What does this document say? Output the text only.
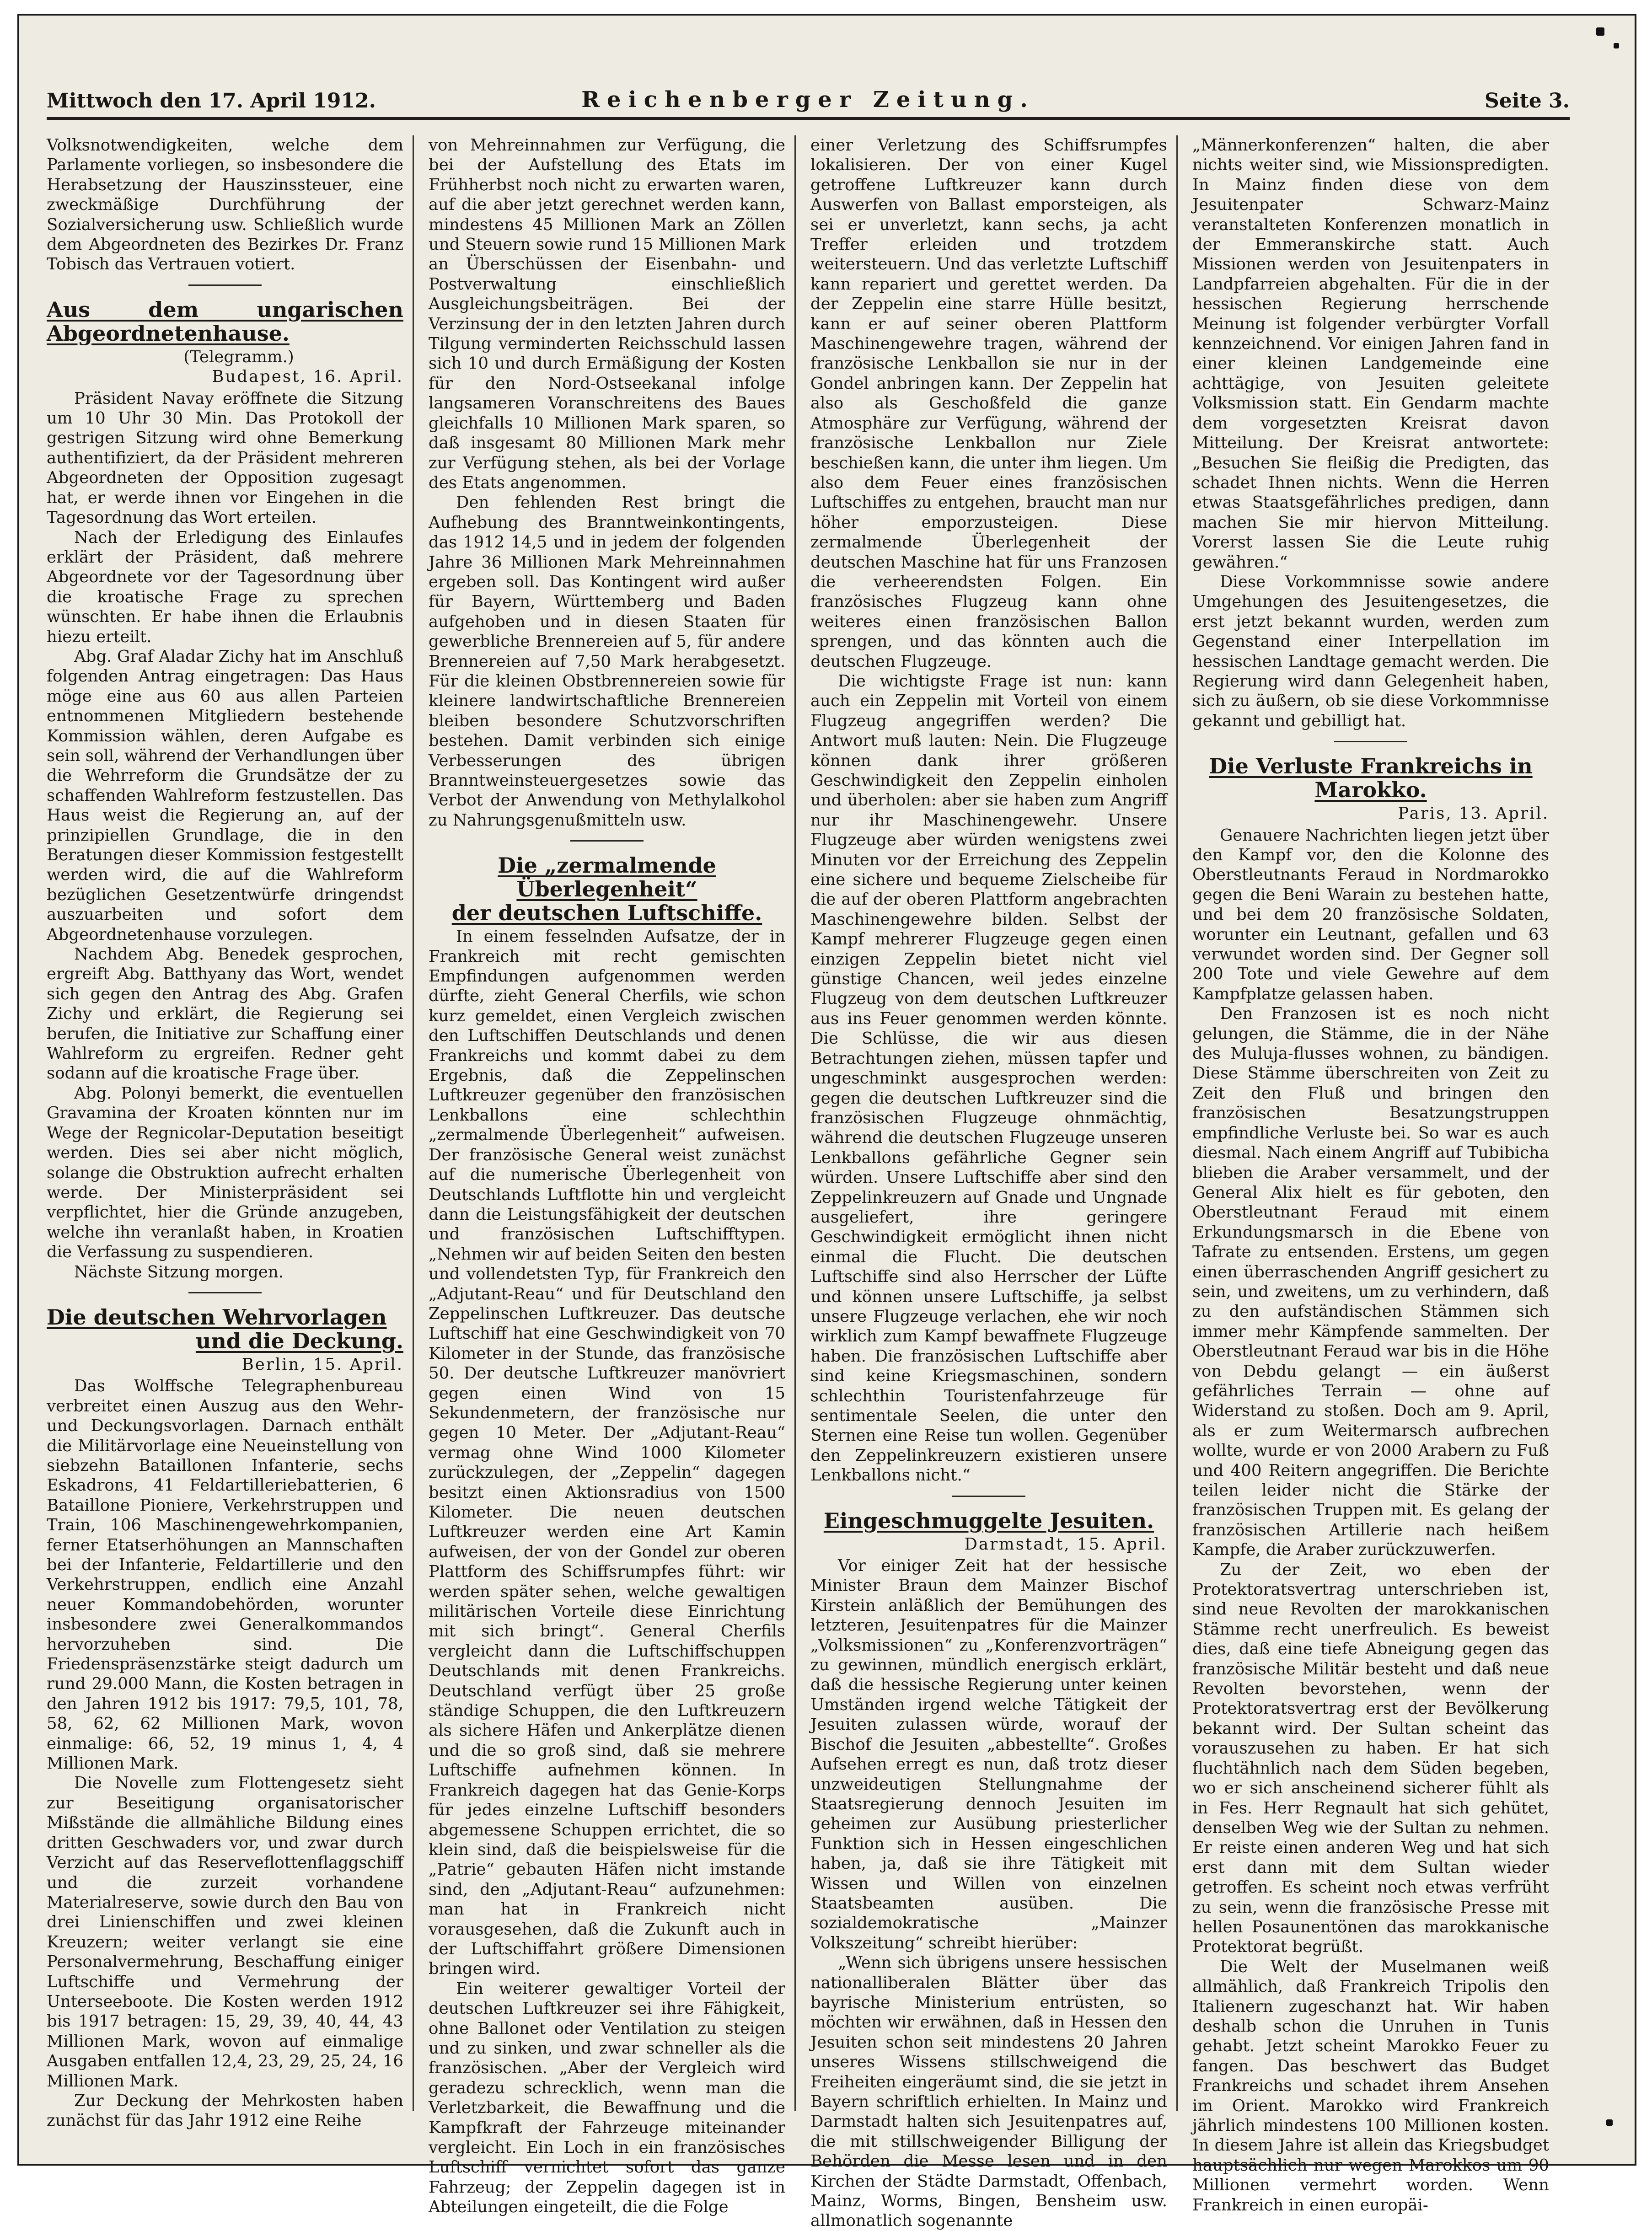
Mittwoch den 17. April 1912.	Reichenberger Zeitung.	Seite 3.

Volksnotwendigkeiten, welche dem Parlamente vorliegen, so insbesondere die Herabsetzung der Hauszinssteuer, eine zweckmäßige Durchführung der Sozialversicherung usw. Schließlich wurde dem Abgeordneten des Bezirkes Dr. Franz Tobisch das Vertrauen votiert.

Aus dem ungarischen Abgeordnetenhause.

(Telegramm.)

Budapest, 16. April.

Präsident Navay eröffnete die Sitzung um 10 Uhr 30 Min. Das Protokoll der gestrigen Sitzung wird ohne Bemerkung authentifiziert, da der Präsident mehreren Abgeordneten der Opposition zugesagt hat, er werde ihnen vor Eingehen in die Tagesordnung das Wort erteilen.

Nach der Erledigung des Einlaufes erklärt der Präsident, daß mehrere Abgeordnete vor der Tagesordnung über die kroatische Frage zu sprechen wünschten. Er habe ihnen die Erlaubnis hiezu erteilt.

Abg. Graf Aladar Zichy hat im Anschluß folgenden Antrag eingetragen: Das Haus möge eine aus 60 aus allen Parteien entnommenen Mitgliedern bestehende Kommission wählen, deren Aufgabe es sein soll, während der Verhandlungen über die Wehrreform die Grundsätze der zu schaffenden Wahlreform festzustellen. Das Haus weist die Regierung an, auf der prinzipiellen Grundlage, die in den Beratungen dieser Kommission festgestellt werden wird, die auf die Wahlreform bezüglichen Gesetzentwürfe dringendst auszuarbeiten und sofort dem Abgeordnetenhause vorzulegen.

Nachdem Abg. Benedek gesprochen, ergreift Abg. Batthyany das Wort, wendet sich gegen den Antrag des Abg. Grafen Zichy und erklärt, die Regierung sei berufen, die Initiative zur Schaffung einer Wahlreform zu ergreifen. Redner geht sodann auf die kroatische Frage über.

Abg. Polonyi bemerkt, die eventuellen Gravamina der Kroaten könnten nur im Wege der Regnicolar-Deputation beseitigt werden. Dies sei aber nicht möglich, solange die Obstruktion aufrecht erhalten werde. Der Ministerpräsident sei verpflichtet, hier die Gründe anzugeben, welche ihn veranlaßt haben, in Kroatien die Verfassung zu suspendieren.

Nächste Sitzung morgen.

Die deutschen Wehrvorlagen
und die Deckung.

Berlin, 15. April.

Das Wolffsche Telegraphenbureau verbreitet einen Auszug aus den Wehr- und Deckungsvorlagen. Darnach enthält die Militärvorlage eine Neueinstellung von siebzehn Bataillonen Infanterie, sechs Eskadrons, 41 Feldartilleriebatterien, 6 Bataillone Pioniere, Verkehrstruppen und Train, 106 Maschinengewehrkompanien, ferner Etatserhöhungen an Mannschaften bei der Infanterie, Feldartillerie und den Verkehrstruppen, endlich eine Anzahl neuer Kommandobehörden, worunter insbesondere zwei Generalkommandos hervorzuheben sind. Die Friedenspräsenzstärke steigt dadurch um rund 29.000 Mann, die Kosten betragen in den Jahren 1912 bis 1917: 79,5, 101, 78, 58, 62, 62 Millionen Mark, wovon einmalige: 66, 52, 19 minus 1, 4, 4 Millionen Mark.

Die Novelle zum Flottengesetz sieht zur Beseitigung organisatorischer Mißstände die allmähliche Bildung eines dritten Geschwaders vor, und zwar durch Verzicht auf das Reserveflottenflaggschiff und die zurzeit vorhandene Materialreserve, sowie durch den Bau von drei Linienschiffen und zwei kleinen Kreuzern; weiter verlangt sie eine Personalvermehrung, Beschaffung einiger Luftschiffe und Vermehrung der Unterseeboote. Die Kosten werden 1912 bis 1917 betragen: 15, 29, 39, 40, 44, 43 Millionen Mark, wovon auf einmalige Ausgaben entfallen 12,4, 23, 29, 25, 24, 16 Millionen Mark.

Zur Deckung der Mehrkosten haben zunächst für das Jahr 1912 eine Reihe

von Mehreinnahmen zur Verfügung, die bei der Aufstellung des Etats im Frühherbst noch nicht zu erwarten waren, auf die aber jetzt gerechnet werden kann, mindestens 45 Millionen Mark an Zöllen und Steuern sowie rund 15 Millionen Mark an Überschüssen der Eisenbahn- und Postverwaltung einschließlich Ausgleichungsbeiträgen. Bei der Verzinsung der in den letzten Jahren durch Tilgung verminderten Reichsschuld lassen sich 10 und durch Ermäßigung der Kosten für den Nord-Ostseekanal infolge langsameren Voranschreitens des Baues gleichfalls 10 Millionen Mark sparen, so daß insgesamt 80 Millionen Mark mehr zur Verfügung stehen, als bei der Vorlage des Etats angenommen.

Den fehlenden Rest bringt die Aufhebung des Branntweinkontingents, das 1912 14,5 und in jedem der folgenden Jahre 36 Millionen Mark Mehreinnahmen ergeben soll. Das Kontingent wird außer für Bayern, Württemberg und Baden aufgehoben und in diesen Staaten für gewerbliche Brennereien auf 5, für andere Brennereien auf 7,50 Mark herabgesetzt. Für die kleinen Obstbrennereien sowie für kleinere landwirtschaftliche Brennereien bleiben besondere Schutzvorschriften bestehen. Damit verbinden sich einige Verbesserungen des übrigen Branntweinsteuergesetzes sowie das Verbot der Anwendung von Methylalkohol zu Nahrungsgenußmitteln usw.

Die „zermalmende Überlegenheit“
der deutschen Luftschiffe.

In einem fesselnden Aufsatze, der in Frankreich mit recht gemischten Empfindungen aufgenommen werden dürfte, zieht General Cherfils, wie schon kurz gemeldet, einen Vergleich zwischen den Luftschiffen Deutschlands und denen Frankreichs und kommt dabei zu dem Ergebnis, daß die Zeppelinschen Luftkreuzer gegenüber den französischen Lenkballons eine schlechthin „zermalmende Überlegenheit“ aufweisen. Der französische General weist zunächst auf die numerische Überlegenheit von Deutschlands Luftflotte hin und vergleicht dann die Leistungsfähigkeit der deutschen und französischen Luftschifftypen. „Nehmen wir auf beiden Seiten den besten und vollendetsten Typ, für Frankreich den „Adjutant-Reau“ und für Deutschland den Zeppelinschen Luftkreuzer. Das deutsche Luftschiff hat eine Geschwindigkeit von 70 Kilometer in der Stunde, das französische 50. Der deutsche Luftkreuzer manövriert gegen einen Wind von 15 Sekundenmetern, der französische nur gegen 10 Meter. Der „Adjutant-Reau“ vermag ohne Wind 1000 Kilometer zurückzulegen, der „Zeppelin“ dagegen besitzt einen Aktionsradius von 1500 Kilometer. Die neuen deutschen Luftkreuzer werden eine Art Kamin aufweisen, der von der Gondel zur oberen Plattform des Schiffsrumpfes führt: wir werden später sehen, welche gewaltigen militärischen Vorteile diese Einrichtung mit sich bringt“. General Cherfils vergleicht dann die Luftschiffschuppen Deutschlands mit denen Frankreichs. Deutschland verfügt über 25 große ständige Schuppen, die den Luftkreuzern als sichere Häfen und Ankerplätze dienen und die so groß sind, daß sie mehrere Luftschiffe aufnehmen können. In Frankreich dagegen hat das Genie-Korps für jedes einzelne Luftschiff besonders abgemessene Schuppen errichtet, die so klein sind, daß die beispielsweise für die „Patrie“ gebauten Häfen nicht imstande sind, den „Adjutant-Reau“ aufzunehmen: man hat in Frankreich nicht vorausgesehen, daß die Zukunft auch in der Luftschiffahrt größere Dimensionen bringen wird.

Ein weiterer gewaltiger Vorteil der deutschen Luftkreuzer sei ihre Fähigkeit, ohne Ballonet oder Ventilation zu steigen und zu sinken, und zwar schneller als die französischen. „Aber der Vergleich wird geradezu schrecklich, wenn man die Verletzbarkeit, die Bewaffnung und die Kampfkraft der Fahrzeuge miteinander vergleicht. Ein Loch in ein französisches Luftschiff vernichtet sofort das ganze Fahrzeug; der Zeppelin dagegen ist in Abteilungen eingeteilt, die die Folge

einer Verletzung des Schiffsrumpfes lokalisieren. Der von einer Kugel getroffene Luftkreuzer kann durch Auswerfen von Ballast emporsteigen, als sei er unverletzt, kann sechs, ja acht Treffer erleiden und trotzdem weitersteuern. Und das verletzte Luftschiff kann repariert und gerettet werden. Da der Zeppelin eine starre Hülle besitzt, kann er auf seiner oberen Plattform Maschinengewehre tragen, während der französische Lenkballon sie nur in der Gondel anbringen kann. Der Zeppelin hat also als Geschoßfeld die ganze Atmosphäre zur Verfügung, während der französische Lenkballon nur Ziele beschießen kann, die unter ihm liegen. Um also dem Feuer eines französischen Luftschiffes zu entgehen, braucht man nur höher emporzusteigen. Diese zermalmende Überlegenheit der deutschen Maschine hat für uns Franzosen die verheerendsten Folgen. Ein französisches Flugzeug kann ohne weiteres einen französischen Ballon sprengen, und das könnten auch die deutschen Flugzeuge.

Die wichtigste Frage ist nun: kann auch ein Zeppelin mit Vorteil von einem Flugzeug angegriffen werden? Die Antwort muß lauten: Nein. Die Flugzeuge können dank ihrer größeren Geschwindigkeit den Zeppelin einholen und überholen: aber sie haben zum Angriff nur ihr Maschinengewehr. Unsere Flugzeuge aber würden wenigstens zwei Minuten vor der Erreichung des Zeppelin eine sichere und bequeme Zielscheibe für die auf der oberen Plattform angebrachten Maschinengewehre bilden. Selbst der Kampf mehrerer Flugzeuge gegen einen einzigen Zeppelin bietet nicht viel günstige Chancen, weil jedes einzelne Flugzeug von dem deutschen Luftkreuzer aus ins Feuer genommen werden könnte. Die Schlüsse, die wir aus diesen Betrachtungen ziehen, müssen tapfer und ungeschminkt ausgesprochen werden: gegen die deutschen Luftkreuzer sind die französischen Flugzeuge ohnmächtig, während die deutschen Flugzeuge unseren Lenkballons gefährliche Gegner sein würden. Unsere Luftschiffe aber sind den Zeppelinkreuzern auf Gnade und Ungnade ausgeliefert, ihre geringere Geschwindigkeit ermöglicht ihnen nicht einmal die Flucht. Die deutschen Luftschiffe sind also Herrscher der Lüfte und können unsere Luftschiffe, ja selbst unsere Flugzeuge verlachen, ehe wir noch wirklich zum Kampf bewaffnete Flugzeuge haben. Die französischen Luftschiffe aber sind keine Kriegsmaschinen, sondern schlechthin Touristenfahrzeuge für sentimentale Seelen, die unter den Sternen eine Reise tun wollen. Gegenüber den Zeppelinkreuzern existieren unsere Lenkballons nicht.“

Eingeschmuggelte Jesuiten.

Darmstadt, 15. April.

Vor einiger Zeit hat der hessische Minister Braun dem Mainzer Bischof Kirstein anläßlich der Bemühungen des letzteren, Jesuitenpatres für die Mainzer „Volksmissionen“ zu „Konferenzvorträgen“ zu gewinnen, mündlich energisch erklärt, daß die hessische Regierung unter keinen Umständen irgend welche Tätigkeit der Jesuiten zulassen würde, worauf der Bischof die Jesuiten „abbestellte“. Großes Aufsehen erregt es nun, daß trotz dieser unzweideutigen Stellungnahme der Staatsregierung dennoch Jesuiten im geheimen zur Ausübung priesterlicher Funktion sich in Hessen eingeschlichen haben, ja, daß sie ihre Tätigkeit mit Wissen und Willen von einzelnen Staatsbeamten ausüben. Die sozialdemokratische „Mainzer Volkszeitung“ schreibt hierüber:

„Wenn sich übrigens unsere hessischen nationalliberalen Blätter über das bayrische Ministerium entrüsten, so möchten wir erwähnen, daß in Hessen den Jesuiten schon seit mindestens 20 Jahren unseres Wissens stillschweigend die Freiheiten eingeräumt sind, die sie jetzt in Bayern schriftlich erhielten. In Mainz und Darmstadt halten sich Jesuitenpatres auf, die mit stillschweigender Billigung der Behörden die Messe lesen und in den Kirchen der Städte Darmstadt, Offenbach, Mainz, Worms, Bingen, Bensheim usw. allmonatlich sogenannte

„Männerkonferenzen“ halten, die aber nichts weiter sind, wie Missionspredigten. In Mainz finden diese von dem Jesuitenpater Schwarz-Mainz veranstalteten Konferenzen monatlich in der Emmeranskirche statt. Auch Missionen werden von Jesuitenpaters in Landpfarreien abgehalten. Für die in der hessischen Regierung herrschende Meinung ist folgender verbürgter Vorfall kennzeichnend. Vor einigen Jahren fand in einer kleinen Landgemeinde eine achttägige, von Jesuiten geleitete Volksmission statt. Ein Gendarm machte dem vorgesetzten Kreisrat davon Mitteilung. Der Kreisrat antwortete: „Besuchen Sie fleißig die Predigten, das schadet Ihnen nichts. Wenn die Herren etwas Staatsgefährliches predigen, dann machen Sie mir hiervon Mitteilung. Vorerst lassen Sie die Leute ruhig gewähren.“

Diese Vorkommnisse sowie andere Umgehungen des Jesuitengesetzes, die erst jetzt bekannt wurden, werden zum Gegenstand einer Interpellation im hessischen Landtage gemacht werden. Die Regierung wird dann Gelegenheit haben, sich zu äußern, ob sie diese Vorkommnisse gekannt und gebilligt hat.

Die Verluste Frankreichs in Marokko.

Paris, 13. April.

Genauere Nachrichten liegen jetzt über den Kampf vor, den die Kolonne des Oberstleutnants Feraud in Nordmarokko gegen die Beni Warain zu bestehen hatte, und bei dem 20 französische Soldaten, worunter ein Leutnant, gefallen und 63 verwundet worden sind. Der Gegner soll 200 Tote und viele Gewehre auf dem Kampfplatze gelassen haben.

Den Franzosen ist es noch nicht gelungen, die Stämme, die in der Nähe des Muluja-flusses wohnen, zu bändigen. Diese Stämme überschreiten von Zeit zu Zeit den Fluß und bringen den französischen Besatzungstruppen empfindliche Verluste bei. So war es auch diesmal. Nach einem Angriff auf Tubibicha blieben die Araber versammelt, und der General Alix hielt es für geboten, den Oberstleutnant Feraud mit einem Erkundungsmarsch in die Ebene von Tafrate zu entsenden. Erstens, um gegen einen überraschenden Angriff gesichert zu sein, und zweitens, um zu verhindern, daß zu den aufständischen Stämmen sich immer mehr Kämpfende sammelten. Der Oberstleutnant Feraud war bis in die Höhe von Debdu gelangt — ein äußerst gefährliches Terrain — ohne auf Widerstand zu stoßen. Doch am 9. April, als er zum Weitermarsch aufbrechen wollte, wurde er von 2000 Arabern zu Fuß und 400 Reitern angegriffen. Die Berichte teilen leider nicht die Stärke der französischen Truppen mit. Es gelang der französischen Artillerie nach heißem Kampfe, die Araber zurückzuwerfen.

Zu der Zeit, wo eben der Protektoratsvertrag unterschrieben ist, sind neue Revolten der marokkanischen Stämme recht unerfreulich. Es beweist dies, daß eine tiefe Abneigung gegen das französische Militär besteht und daß neue Revolten bevorstehen, wenn der Protektoratsvertrag erst der Bevölkerung bekannt wird. Der Sultan scheint das vorauszusehen zu haben. Er hat sich fluchtähnlich nach dem Süden begeben, wo er sich anscheinend sicherer fühlt als in Fes. Herr Regnault hat sich gehütet, denselben Weg wie der Sultan zu nehmen. Er reiste einen anderen Weg und hat sich erst dann mit dem Sultan wieder getroffen. Es scheint noch etwas verfrüht zu sein, wenn die französische Presse mit hellen Posaunentönen das marokkanische Protektorat begrüßt.

Die Welt der Muselmanen weiß allmählich, daß Frankreich Tripolis den Italienern zugeschanzt hat. Wir haben deshalb schon die Unruhen in Tunis gehabt. Jetzt scheint Marokko Feuer zu fangen. Das beschwert das Budget Frankreichs und schadet ihrem Ansehen im Orient. Marokko wird Frankreich jährlich mindestens 100 Millionen kosten. In diesem Jahre ist allein das Kriegsbudget hauptsächlich nur wegen Marokkos um 90 Millionen vermehrt worden. Wenn Frankreich in einen europäi-
